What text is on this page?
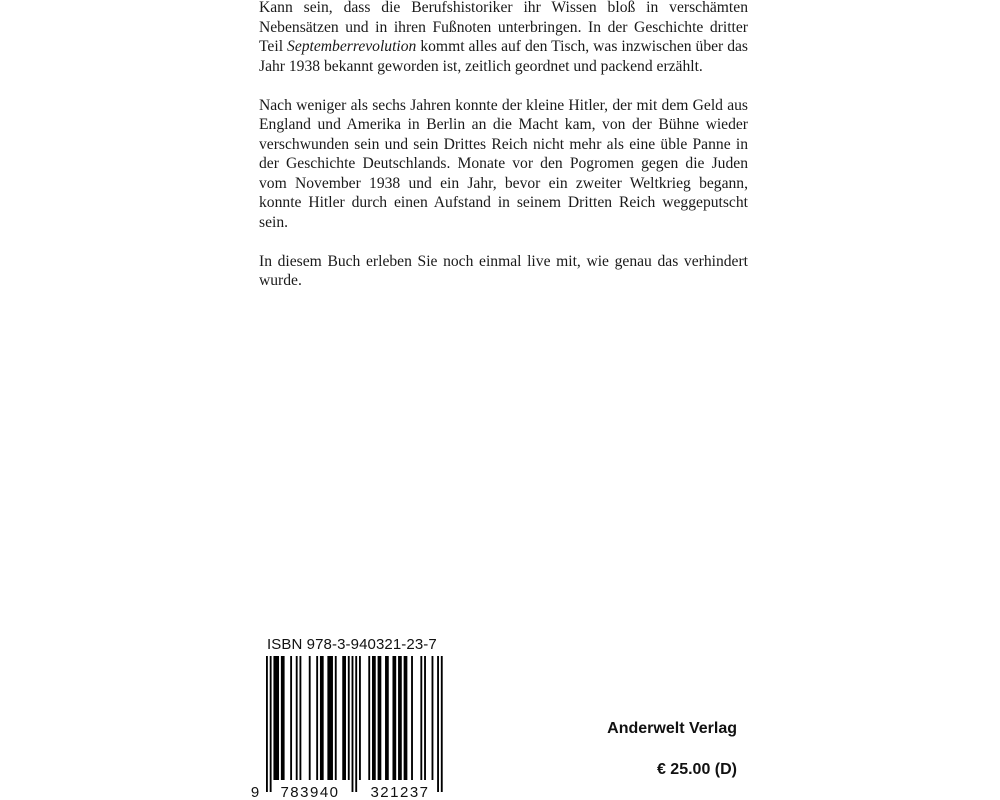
Kann sein, dass die Berufshistoriker ihr Wissen bloß in verschämten Nebensätzen und in ihren Fußnoten unterbringen. In der Geschichte dritter Teil Septemberrevolution kommt alles auf den Tisch, was inzwischen über das Jahr 1938 bekannt geworden ist, zeitlich geordnet und packend erzählt.

Nach weniger als sechs Jahren konnte der kleine Hitler, der mit dem Geld aus England und Amerika in Berlin an die Macht kam, von der Bühne wieder verschwunden sein und sein Drittes Reich nicht mehr als eine üble Panne in der Geschichte Deutschlands. Monate vor den Pogromen gegen die Juden vom November 1938 und ein Jahr, bevor ein zweiter Weltkrieg begann, konnte Hitler durch einen Aufstand in seinem Dritten Reich weggeputscht sein.

In diesem Buch erleben Sie noch einmal live mit, wie genau das verhindert wurde.

ISBN 978-3-940321-23-7
9 783940 321237
Anderwelt Verlag
€ 25.00 (D)
